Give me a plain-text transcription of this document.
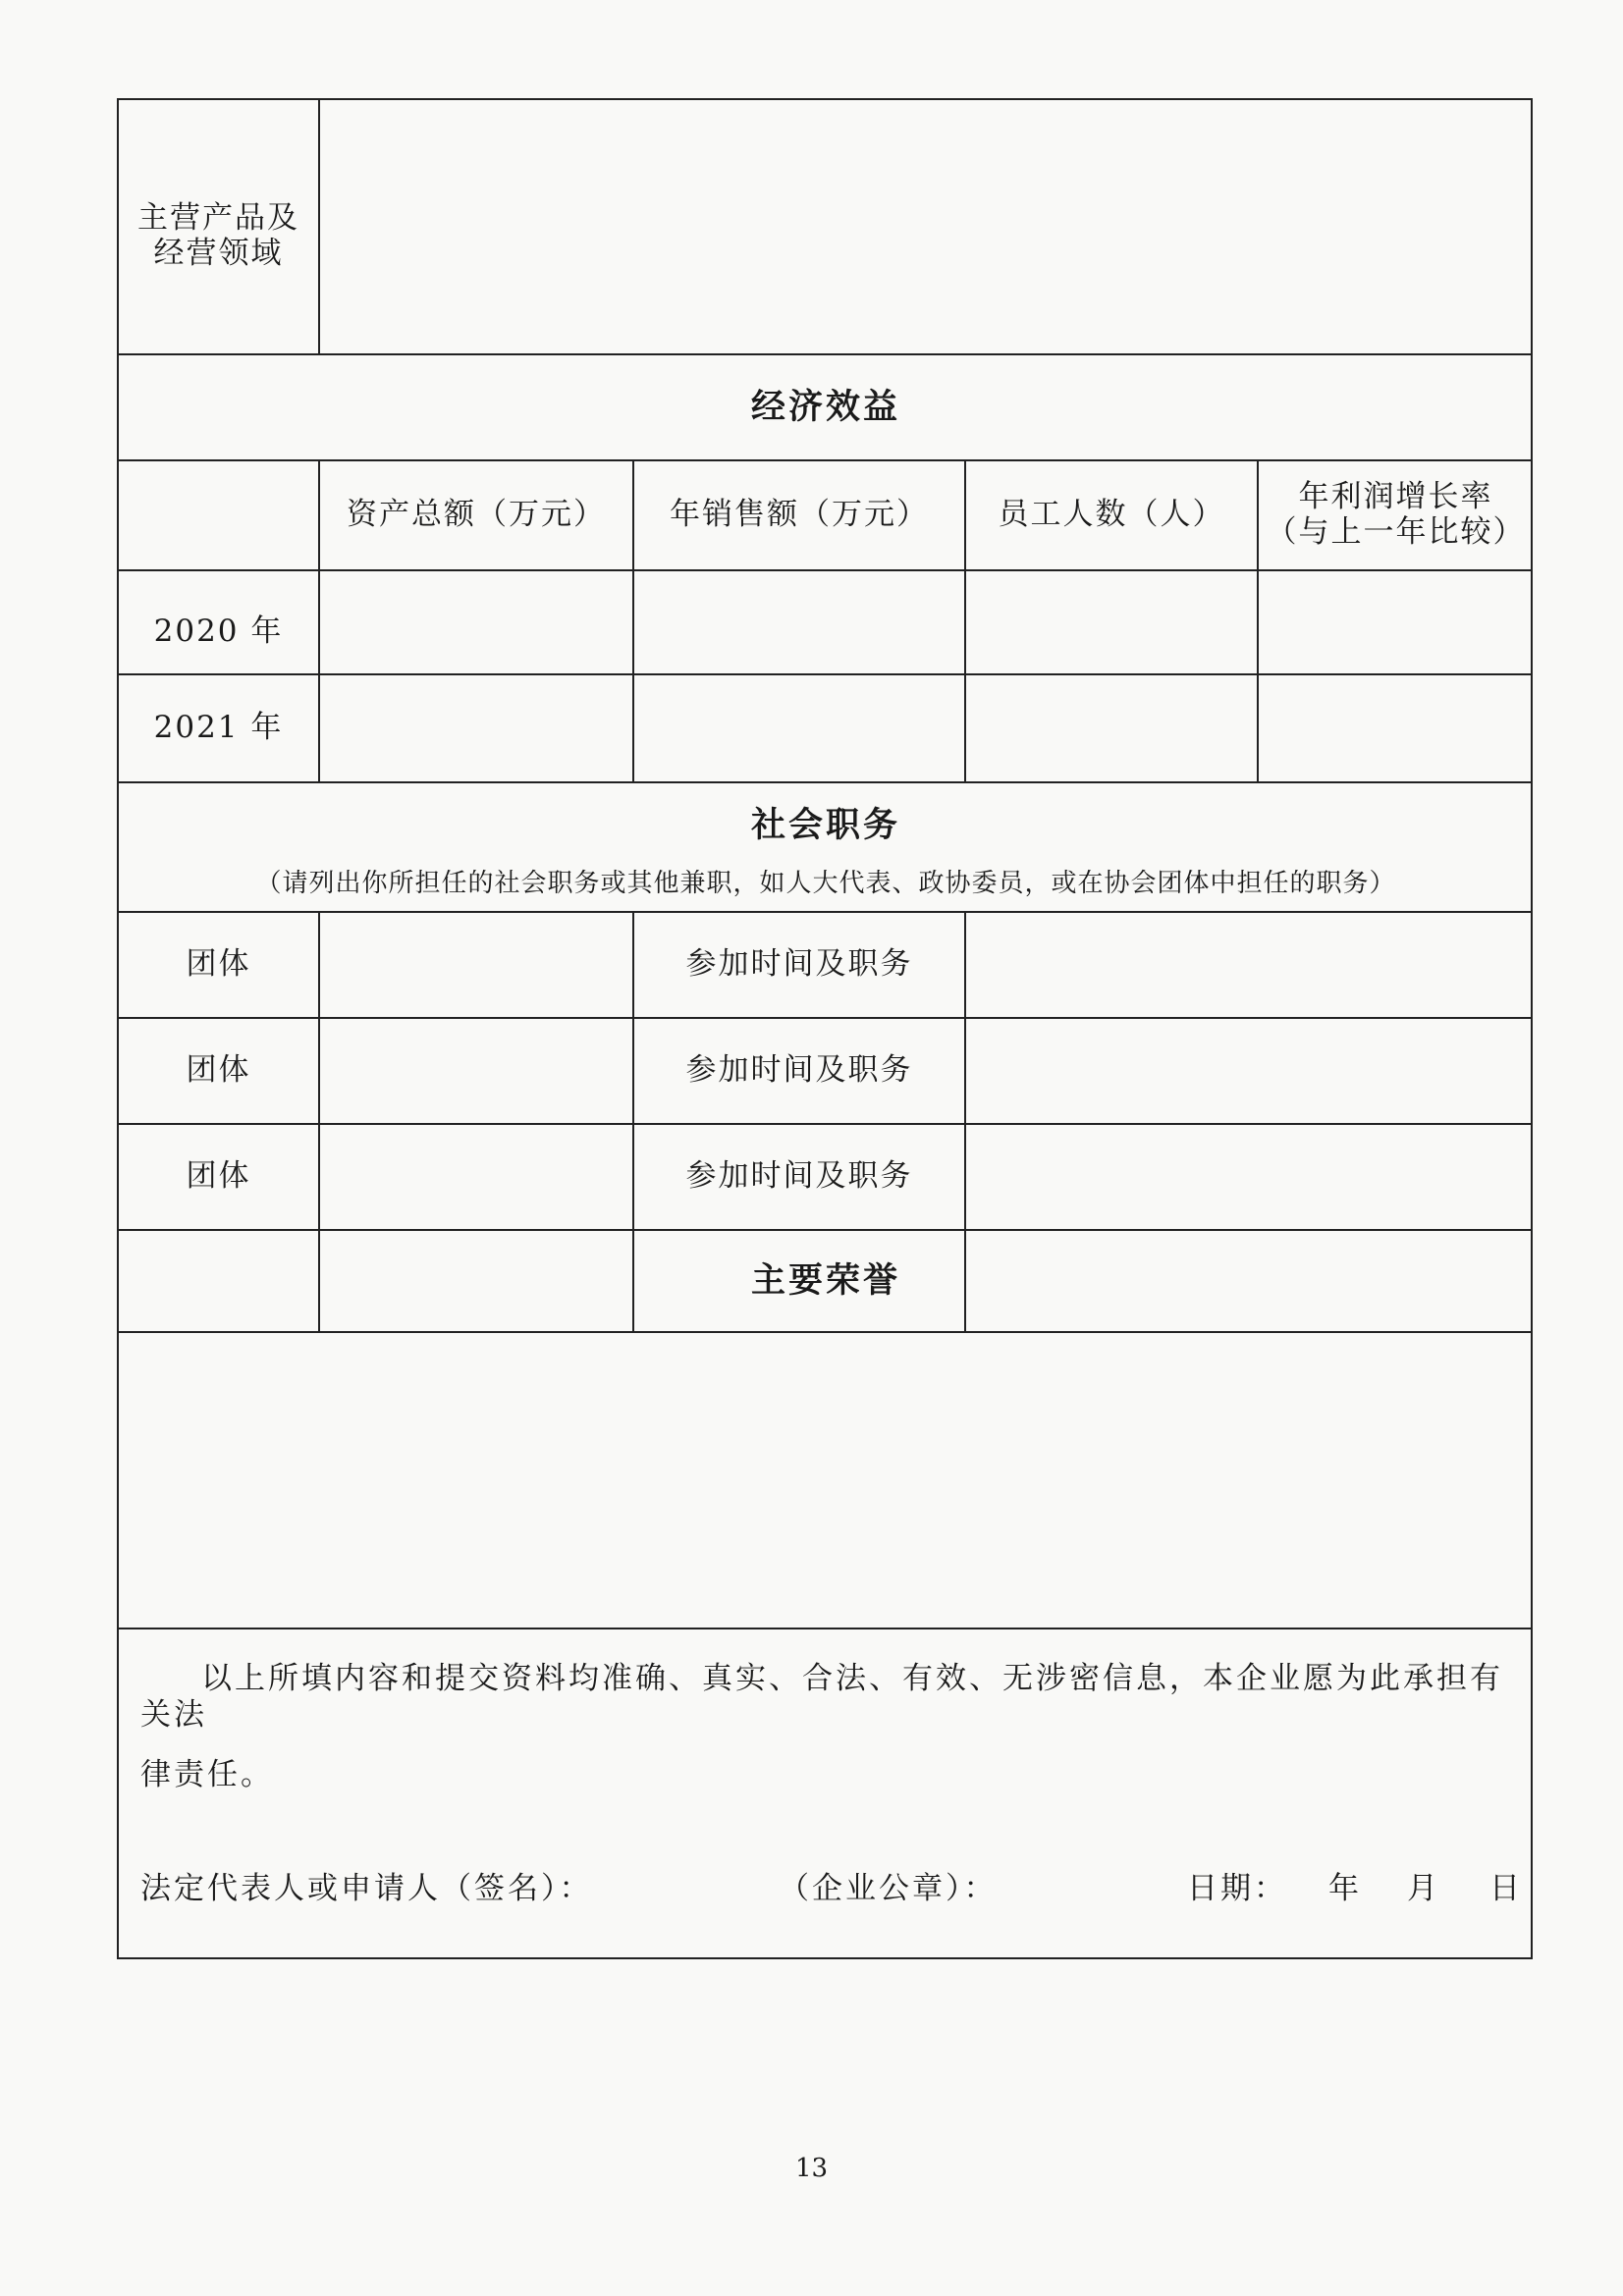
主营产品及
经营领域
经济效益
资产总额（万元）	年销售额（万元）	员工人数（人）	年利润增长率
（与上一年比较）
2020 年
2021 年
社会职务
（请列出你所担任的社会职务或其他兼职，如人大代表、政协委员，或在协会团体中担任的职务）
团体	参加时间及职务
团体	参加时间及职务
团体	参加时间及职务
主要荣誉
以上所填内容和提交资料均准确、真实、合法、有效、无涉密信息，本企业愿为此承担有关法
律责任。
法定代表人或申请人（签名）：	（企业公章）：	日期： 年 月 日
13
